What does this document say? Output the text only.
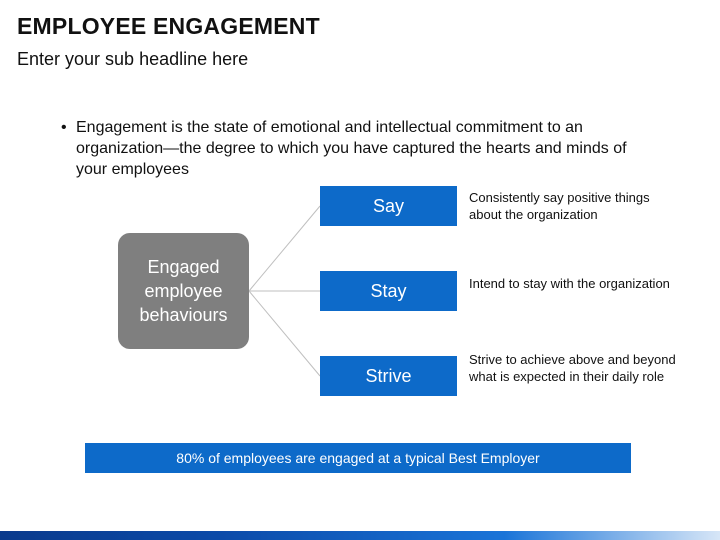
EMPLOYEE ENGAGEMENT
Enter your sub headline here
• Engagement is the state of emotional and intellectual commitment to an organization—the degree to which you have captured the hearts and minds of your employees
Engaged employee behaviours
Say
Stay
Strive
Consistently say positive things about the organization
Intend to stay with the organization
Strive to achieve above and beyond what is expected in their daily role
80% of employees are engaged at a typical Best Employer
